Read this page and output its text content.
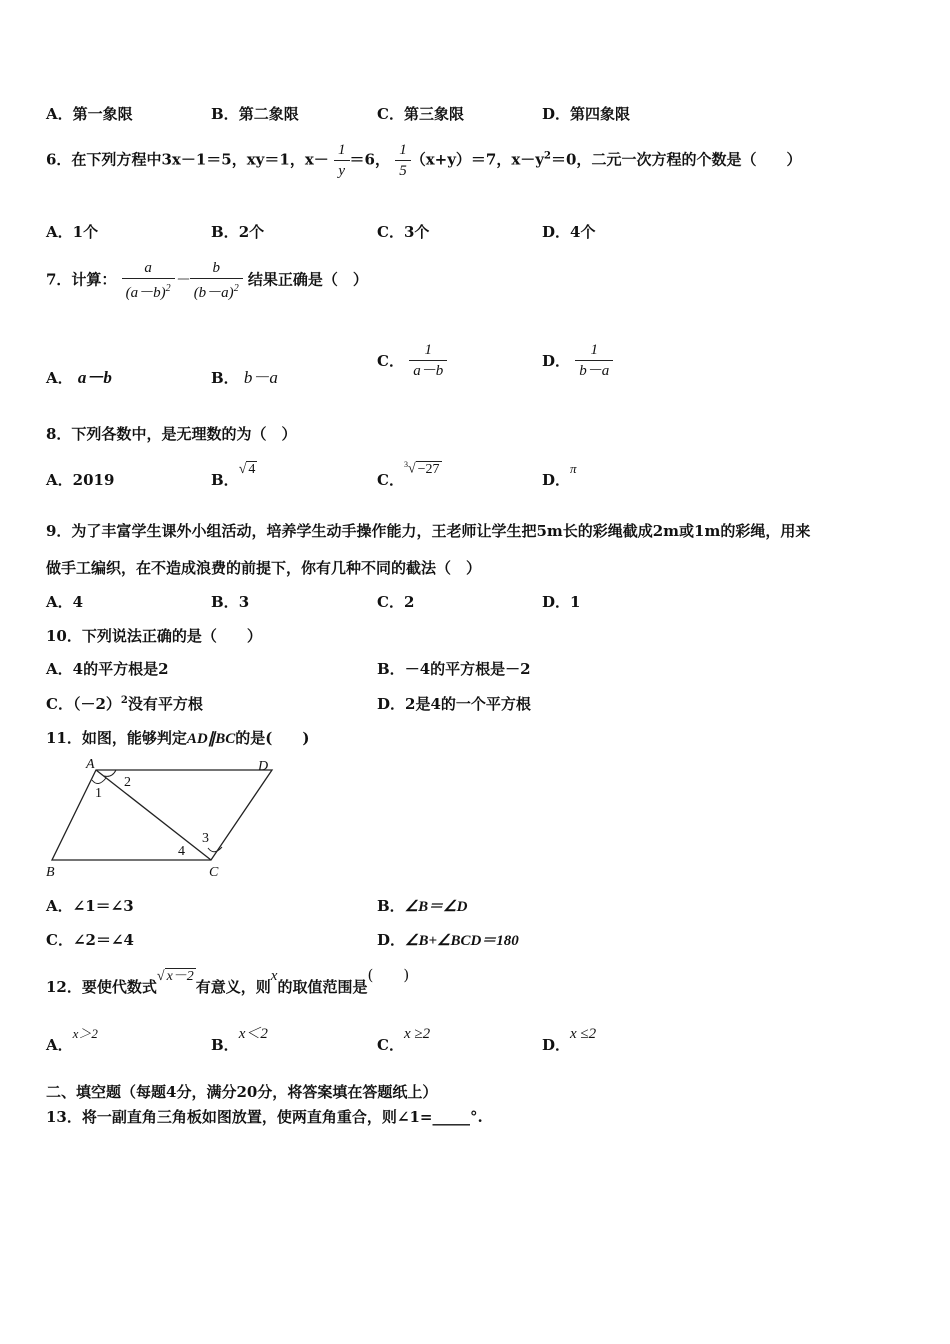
A．第一象限	B．第二象限	C．第三象限	D．第四象限
6．在下列方程中3x－1＝5，xy＝1，$x- \frac{1}{y} =6$， $\frac{1}{5} (x+y)=7$，$x-y^2=0$，二元一次方程的个数是（　　）
A．1个	B．2个	C．3个	D．4个
7．计算： $\frac{a}{(a-b)^2} - \frac{b}{(b-a)^2}$ 结果正确是（　）
A． a－b	B． b－a
C． $\frac{1}{a-b}$	D． $\frac{1}{b-a}$
8．下列各数中，是无理数的为（　）
A．2019	B．√ 4
C．$^3$√ −27
D．π
9．为了丰富学生课外小组活动，培养学生动手操作能力，王老师让学生把5m长的彩绳截成2m或1m的彩绳，用来
做手工编织，在不造成浪费的前提下，你有几种不同的截法（　）
A．4	B．3	C．2	D．1
10．下列说法正确的是（　　）
A．4的平方根是2	B．－4的平方根是－2
C．$(-2)^2$没有平方根	D．2是4的一个平方根
11．如图，能够判定AD∥BC的是(　　)
A	D
B	C
1
2
3
4
A．∠1＝∠3	B．∠B＝∠D
C．∠2＝∠4	D．∠B+∠BCD＝180
12．要使代数式√ x－2有意义，则x的取值范围是(　　)
A．x＞2
B．x＜2
C．x ≥2
D．x ≤2
二、填空题（每题4分，满分20分，将答案填在答题纸上）
13．将一副直角三角板如图放置，使两直角重合，则∠1=_____°.
